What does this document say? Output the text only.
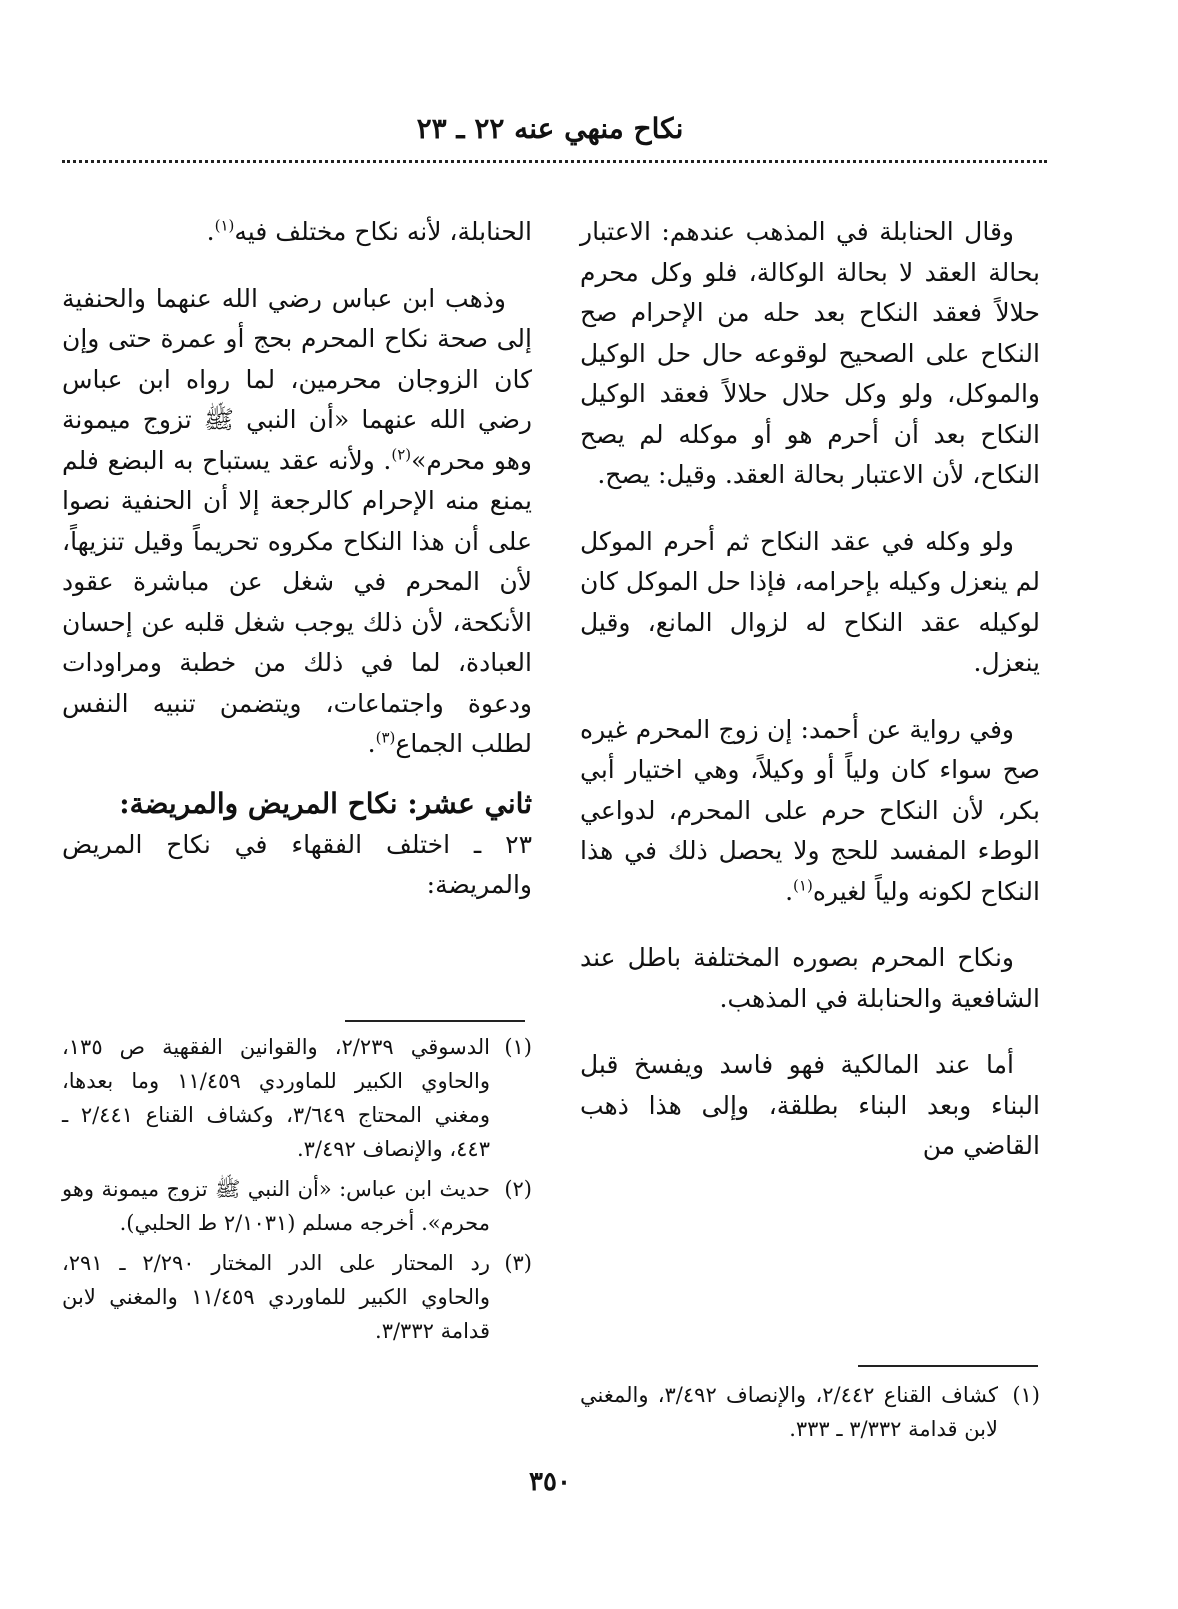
نكاح منهي عنه ٢٢ ـ ٢٣

وقال الحنابلة في المذهب عندهم: الاعتبار بحالة العقد لا بحالة الوكالة، فلو وكل محرم حلالاً فعقد النكاح بعد حله من الإحرام صح النكاح على الصحيح لوقوعه حال حل الوكيل والموكل، ولو وكل حلال حلالاً فعقد الوكيل النكاح بعد أن أحرم هو أو موكله لم يصح النكاح، لأن الاعتبار بحالة العقد. وقيل: يصح.

ولو وكله في عقد النكاح ثم أحرم الموكل لم ينعزل وكيله بإحرامه، فإذا حل الموكل كان لوكيله عقد النكاح له لزوال المانع، وقيل ينعزل.

وفي رواية عن أحمد: إن زوج المحرم غيره صح سواء كان ولياً أو وكيلاً، وهي اختيار أبي بكر، لأن النكاح حرم على المحرم، لدواعي الوطء المفسد للحج ولا يحصل ذلك في هذا النكاح لكونه ولياً لغيره$^{(١)}$.

ونكاح المحرم بصوره المختلفة باطل عند الشافعية والحنابلة في المذهب.

أما عند المالكية فهو فاسد ويفسخ قبل البناء وبعد البناء بطلقة، وإلى هذا ذهب القاضي من

الحنابلة، لأنه نكاح مختلف فيه$^{(١)}$.

وذهب ابن عباس رضي الله عنهما والحنفية إلى صحة نكاح المحرم بحج أو عمرة حتى وإن كان الزوجان محرمين، لما رواه ابن عباس رضي الله عنهما «أن النبي ﷺ تزوج ميمونة وهو محرم»$^{(٢)}$. ولأنه عقد يستباح به البضع فلم يمنع منه الإحرام كالرجعة إلا أن الحنفية نصوا على أن هذا النكاح مكروه تحريماً وقيل تنزيهاً، لأن المحرم في شغل عن مباشرة عقود الأنكحة، لأن ذلك يوجب شغل قلبه عن إحسان العبادة، لما في ذلك من خطبة ومراودات ودعوة واجتماعات، ويتضمن تنبيه النفس لطلب الجماع$^{(٣)}$.

ثاني عشر: نكاح المريض والمريضة:

٢٣ ـ اختلف الفقهاء في نكاح المريض والمريضة:

(١)
الدسوقي ٢/٢٣٩، والقوانين الفقهية ص ١٣٥، والحاوي الكبير للماوردي ١١/٤٥٩ وما بعدها، ومغني المحتاج ٣/٦٤٩، وكشاف القناع ٢/٤٤١ ـ ٤٤٣، والإنصاف ٣/٤٩٢.
(٢)
حديث ابن عباس: «أن النبي ﷺ تزوج ميمونة وهو محرم». أخرجه مسلم (٢/١٠٣١ ط الحلبي).
(٣)
رد المحتار على الدر المختار ٢/٢٩٠ ـ ٢٩١، والحاوي الكبير للماوردي ١١/٤٥٩ والمغني لابن قدامة ٣/٣٣٢.
(١)
كشاف القناع ٢/٤٤٢، والإنصاف ٣/٤٩٢، والمغني لابن قدامة ٣/٣٣٢ ـ ٣٣٣.
٣٥٠
